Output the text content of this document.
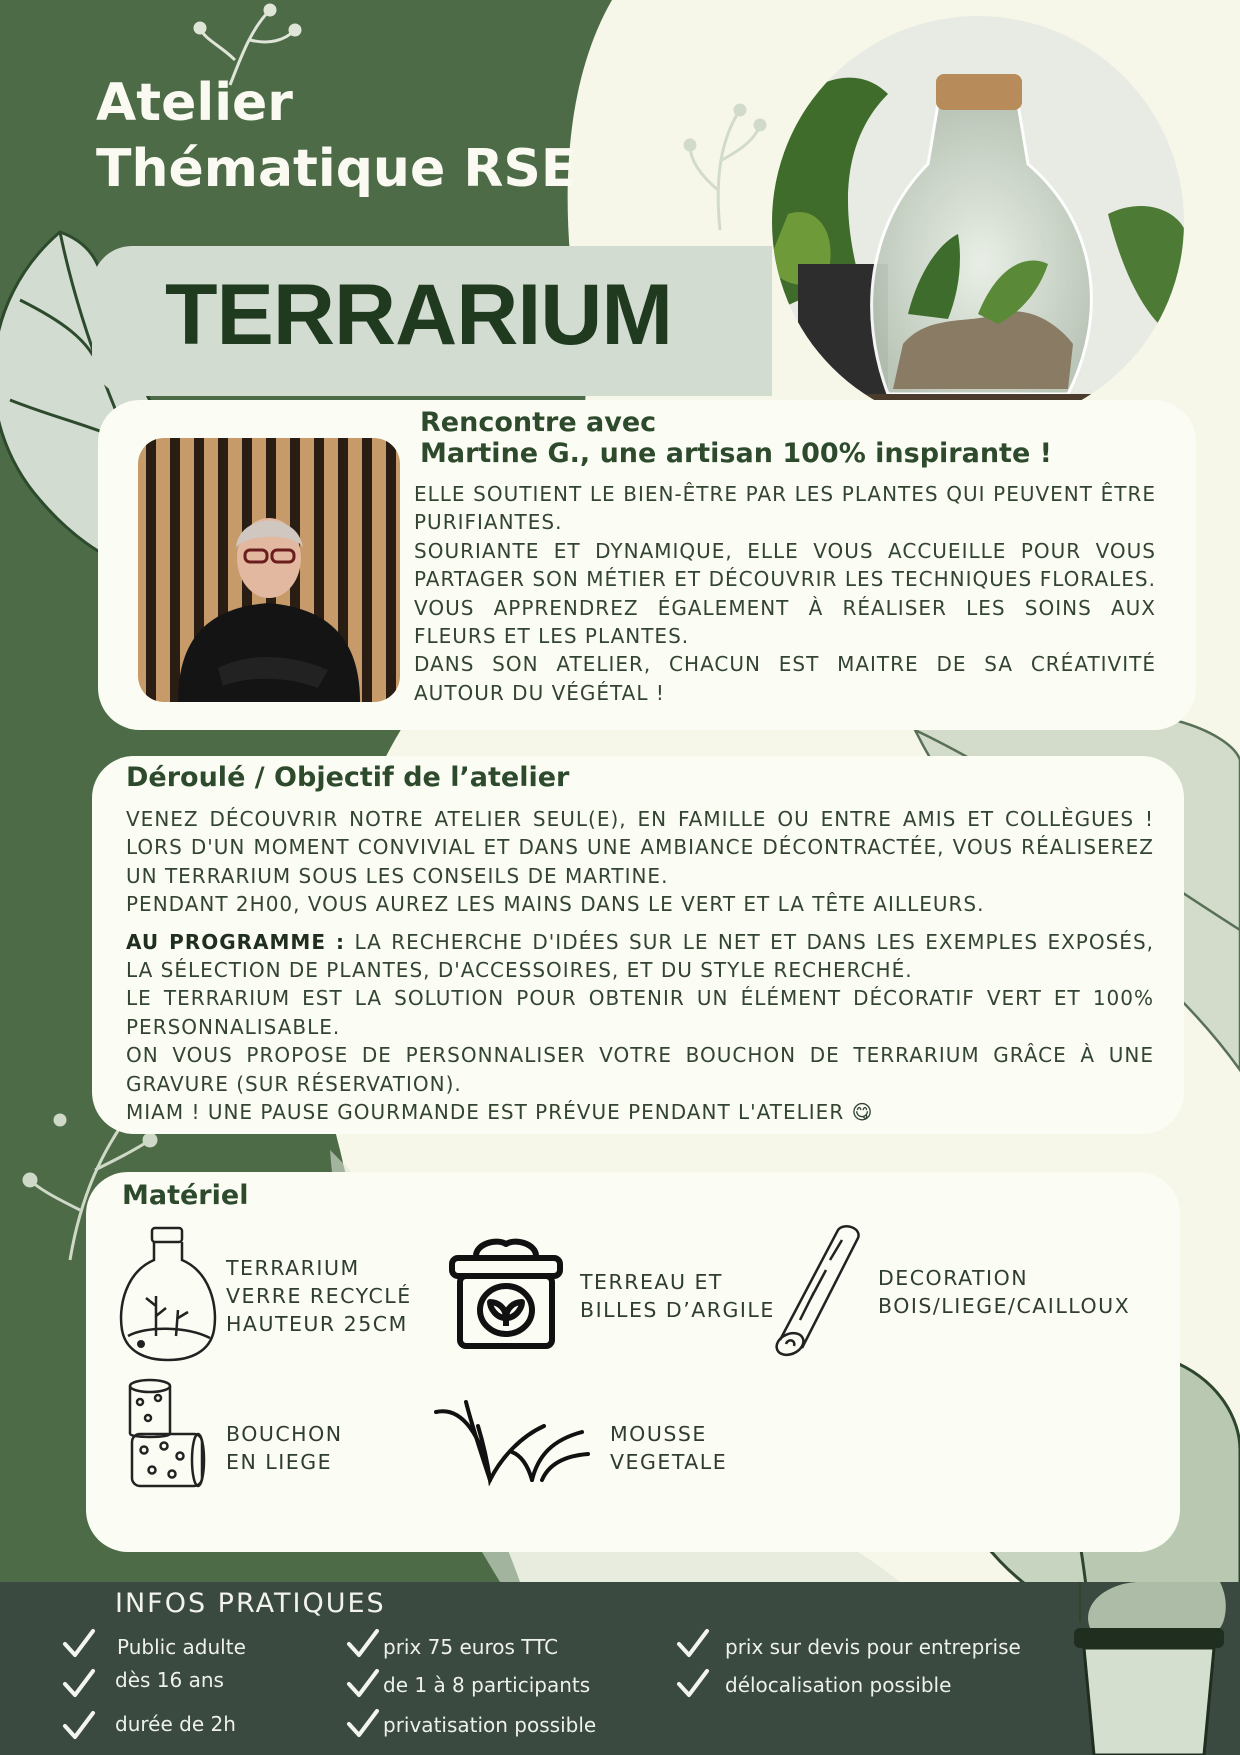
Atelier
Thématique RSE
TERRARIUM
Rencontre avec
Martine G., une artisan 100% inspirante !

ELLE SOUTIENT LE BIEN-ÊTRE PAR LES PLANTES QUI PEUVENT ÊTRE PURIFIANTES.

SOURIANTE ET DYNAMIQUE, ELLE VOUS ACCUEILLE POUR VOUS PARTAGER SON MÉTIER ET DÉCOUVRIR LES TECHNIQUES FLORALES. VOUS APPRENDREZ ÉGALEMENT À RÉALISER LES SOINS AUX FLEURS ET LES PLANTES.

DANS SON ATELIER, CHACUN EST MAITRE DE SA CRÉATIVITÉ AUTOUR DU VÉGÉTAL !

Déroulé / Objectif de l’atelier

VENEZ DÉCOUVRIR NOTRE ATELIER SEUL(E), EN FAMILLE OU ENTRE AMIS ET COLLÈGUES ! LORS D'UN MOMENT CONVIVIAL ET DANS UNE AMBIANCE DÉCONTRACTÉE, VOUS RÉALISEREZ UN TERRARIUM SOUS LES CONSEILS DE MARTINE.

PENDANT 2H00, VOUS AUREZ LES MAINS DANS LE VERT ET LA TÊTE AILLEURS.

AU PROGRAMME : LA RECHERCHE D'IDÉES SUR LE NET ET DANS LES EXEMPLES EXPOSÉS, LA SÉLECTION DE PLANTES, D'ACCESSOIRES, ET DU STYLE RECHERCHÉ.

LE TERRARIUM EST LA SOLUTION POUR OBTENIR UN ÉLÉMENT DÉCORATIF VERT ET 100% PERSONNALISABLE.

ON VOUS PROPOSE DE PERSONNALISER VOTRE BOUCHON DE TERRARIUM GRÂCE À UNE GRAVURE (SUR RÉSERVATION).

MIAM ! UNE PAUSE GOURMANDE EST PRÉVUE PENDANT L'ATELIER 😋

Matériel
TERRARIUM
VERRE RECYCLÉ
HAUTEUR 25CM
TERREAU ET
BILLES D’ARGILE
DECORATION
BOIS/LIEGE/CAILLOUX
BOUCHON
EN LIEGE
MOUSSE
VEGETALE
INFOS PRATIQUES
Public adulte
dès 16 ans
durée de 2h
prix 75 euros TTC
de 1 à 8 participants
privatisation possible
prix sur devis pour entreprise
délocalisation possible
